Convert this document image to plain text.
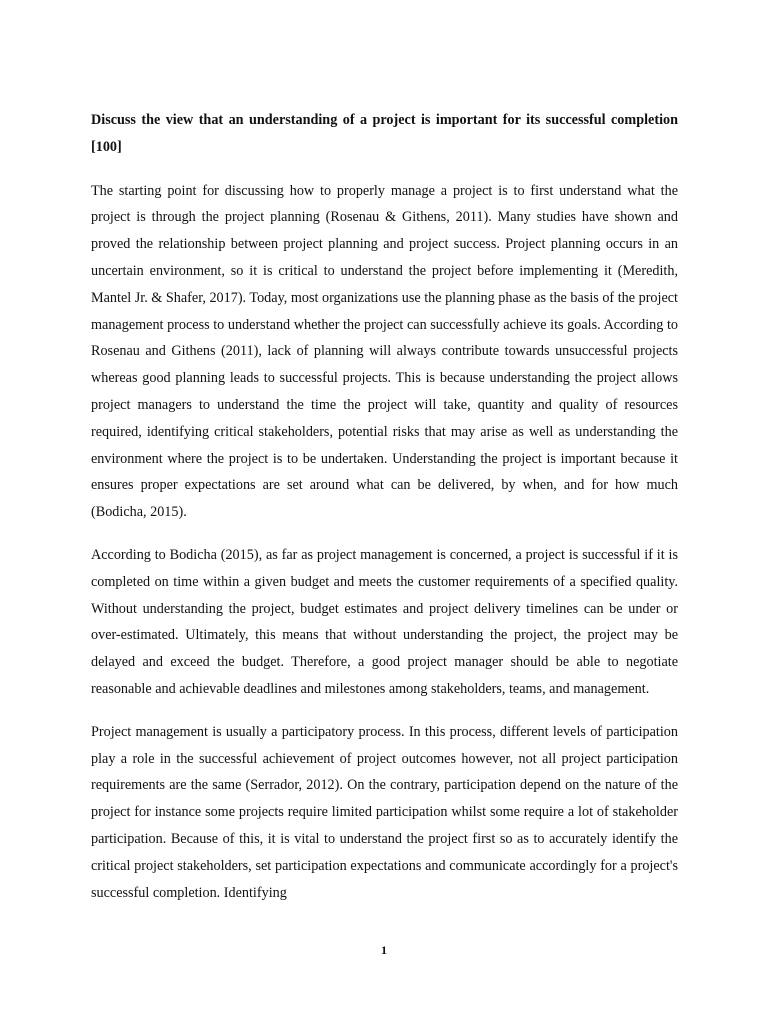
Discuss the view that an understanding of a project is important for its successful completion [100]

The starting point for discussing how to properly manage a project is to first understand what the project is through the project planning (Rosenau & Githens, 2011). Many studies have shown and proved the relationship between project planning and project success. Project planning occurs in an uncertain environment, so it is critical to understand the project before implementing it (Meredith, Mantel Jr. & Shafer, 2017). Today, most organizations use the planning phase as the basis of the project management process to understand whether the project can successfully achieve its goals. According to Rosenau and Githens (2011), lack of planning will always contribute towards unsuccessful projects whereas good planning leads to successful projects. This is because understanding the project allows project managers to understand the time the project will take, quantity and quality of resources required, identifying critical stakeholders, potential risks that may arise as well as understanding the environment where the project is to be undertaken. Understanding the project is important because it ensures proper expectations are set around what can be delivered, by when, and for how much (Bodicha, 2015).

According to Bodicha (2015), as far as project management is concerned, a project is successful if it is completed on time within a given budget and meets the customer requirements of a specified quality. Without understanding the project, budget estimates and project delivery timelines can be under or over-estimated. Ultimately, this means that without understanding the project, the project may be delayed and exceed the budget. Therefore, a good project manager should be able to negotiate reasonable and achievable deadlines and milestones among stakeholders, teams, and management.

Project management is usually a participatory process. In this process, different levels of participation play a role in the successful achievement of project outcomes however, not all project participation requirements are the same (Serrador, 2012). On the contrary, participation depend on the nature of the project for instance some projects require limited participation whilst some require a lot of stakeholder participation. Because of this, it is vital to understand the project first so as to accurately identify the critical project stakeholders, set participation expectations and communicate accordingly for a project's successful completion. Identifying

1
